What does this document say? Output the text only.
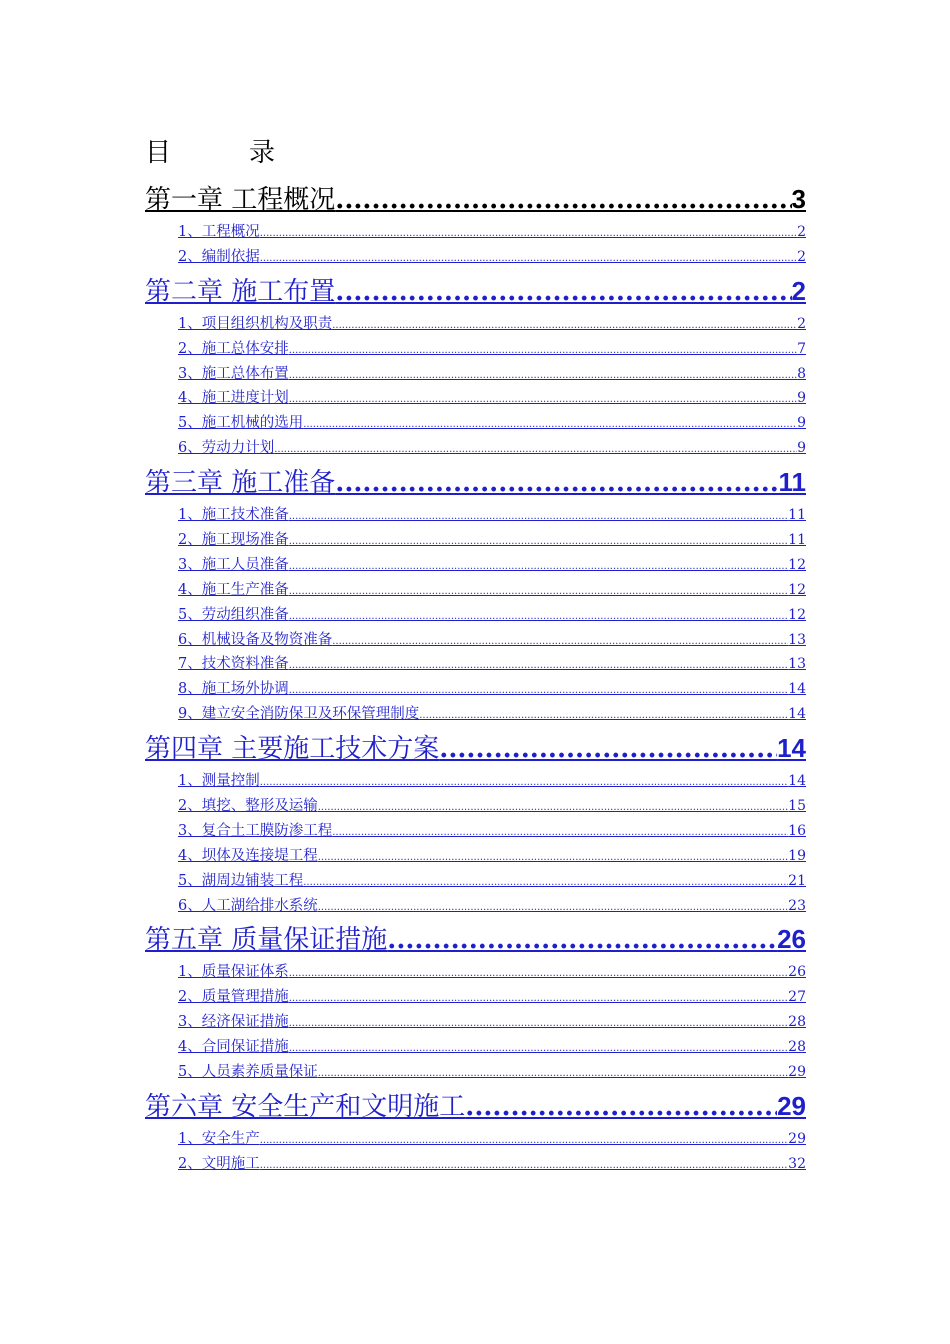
目　　　录
第一章 工程概况 .....	3
1、工程概况 .....	2
2、编制依据 .....	2
第二章 施工布置 .....	2
1、项目组织机构及职责 .....	2
2、施工总体安排 .....	7
3、施工总体布置 .....	8
4、施工进度计划 .....	9
5、施工机械的选用 .....	9
6、劳动力计划 .....	9
第三章 施工准备 .....	11
1、施工技术准备 .....	11
2、施工现场准备 .....	11
3、施工人员准备 .....	12
4、施工生产准备 .....	12
5、劳动组织准备 .....	12
6、机械设备及物资准备 .....	13
7、技术资料准备 .....	13
8、施工场外协调 .....	14
9、建立安全消防保卫及环保管理制度 .....	14
第四章 主要施工技术方案 .....	14
1、测量控制 .....	14
2、填挖、整形及运输 .....	15
3、复合土工膜防渗工程 .....	16
4、坝体及连接堤工程 .....	19
5、湖周边铺装工程 .....	21
6、人工湖给排水系统 .....	23
第五章 质量保证措施 .....	26
1、质量保证体系 .....	26
2、质量管理措施 .....	27
3、经济保证措施 .....	28
4、合同保证措施 .....	28
5、人员素养质量保证 .....	29
第六章 安全生产和文明施工 .....	29
1、安全生产 .....	29
2、文明施工 .....	32
